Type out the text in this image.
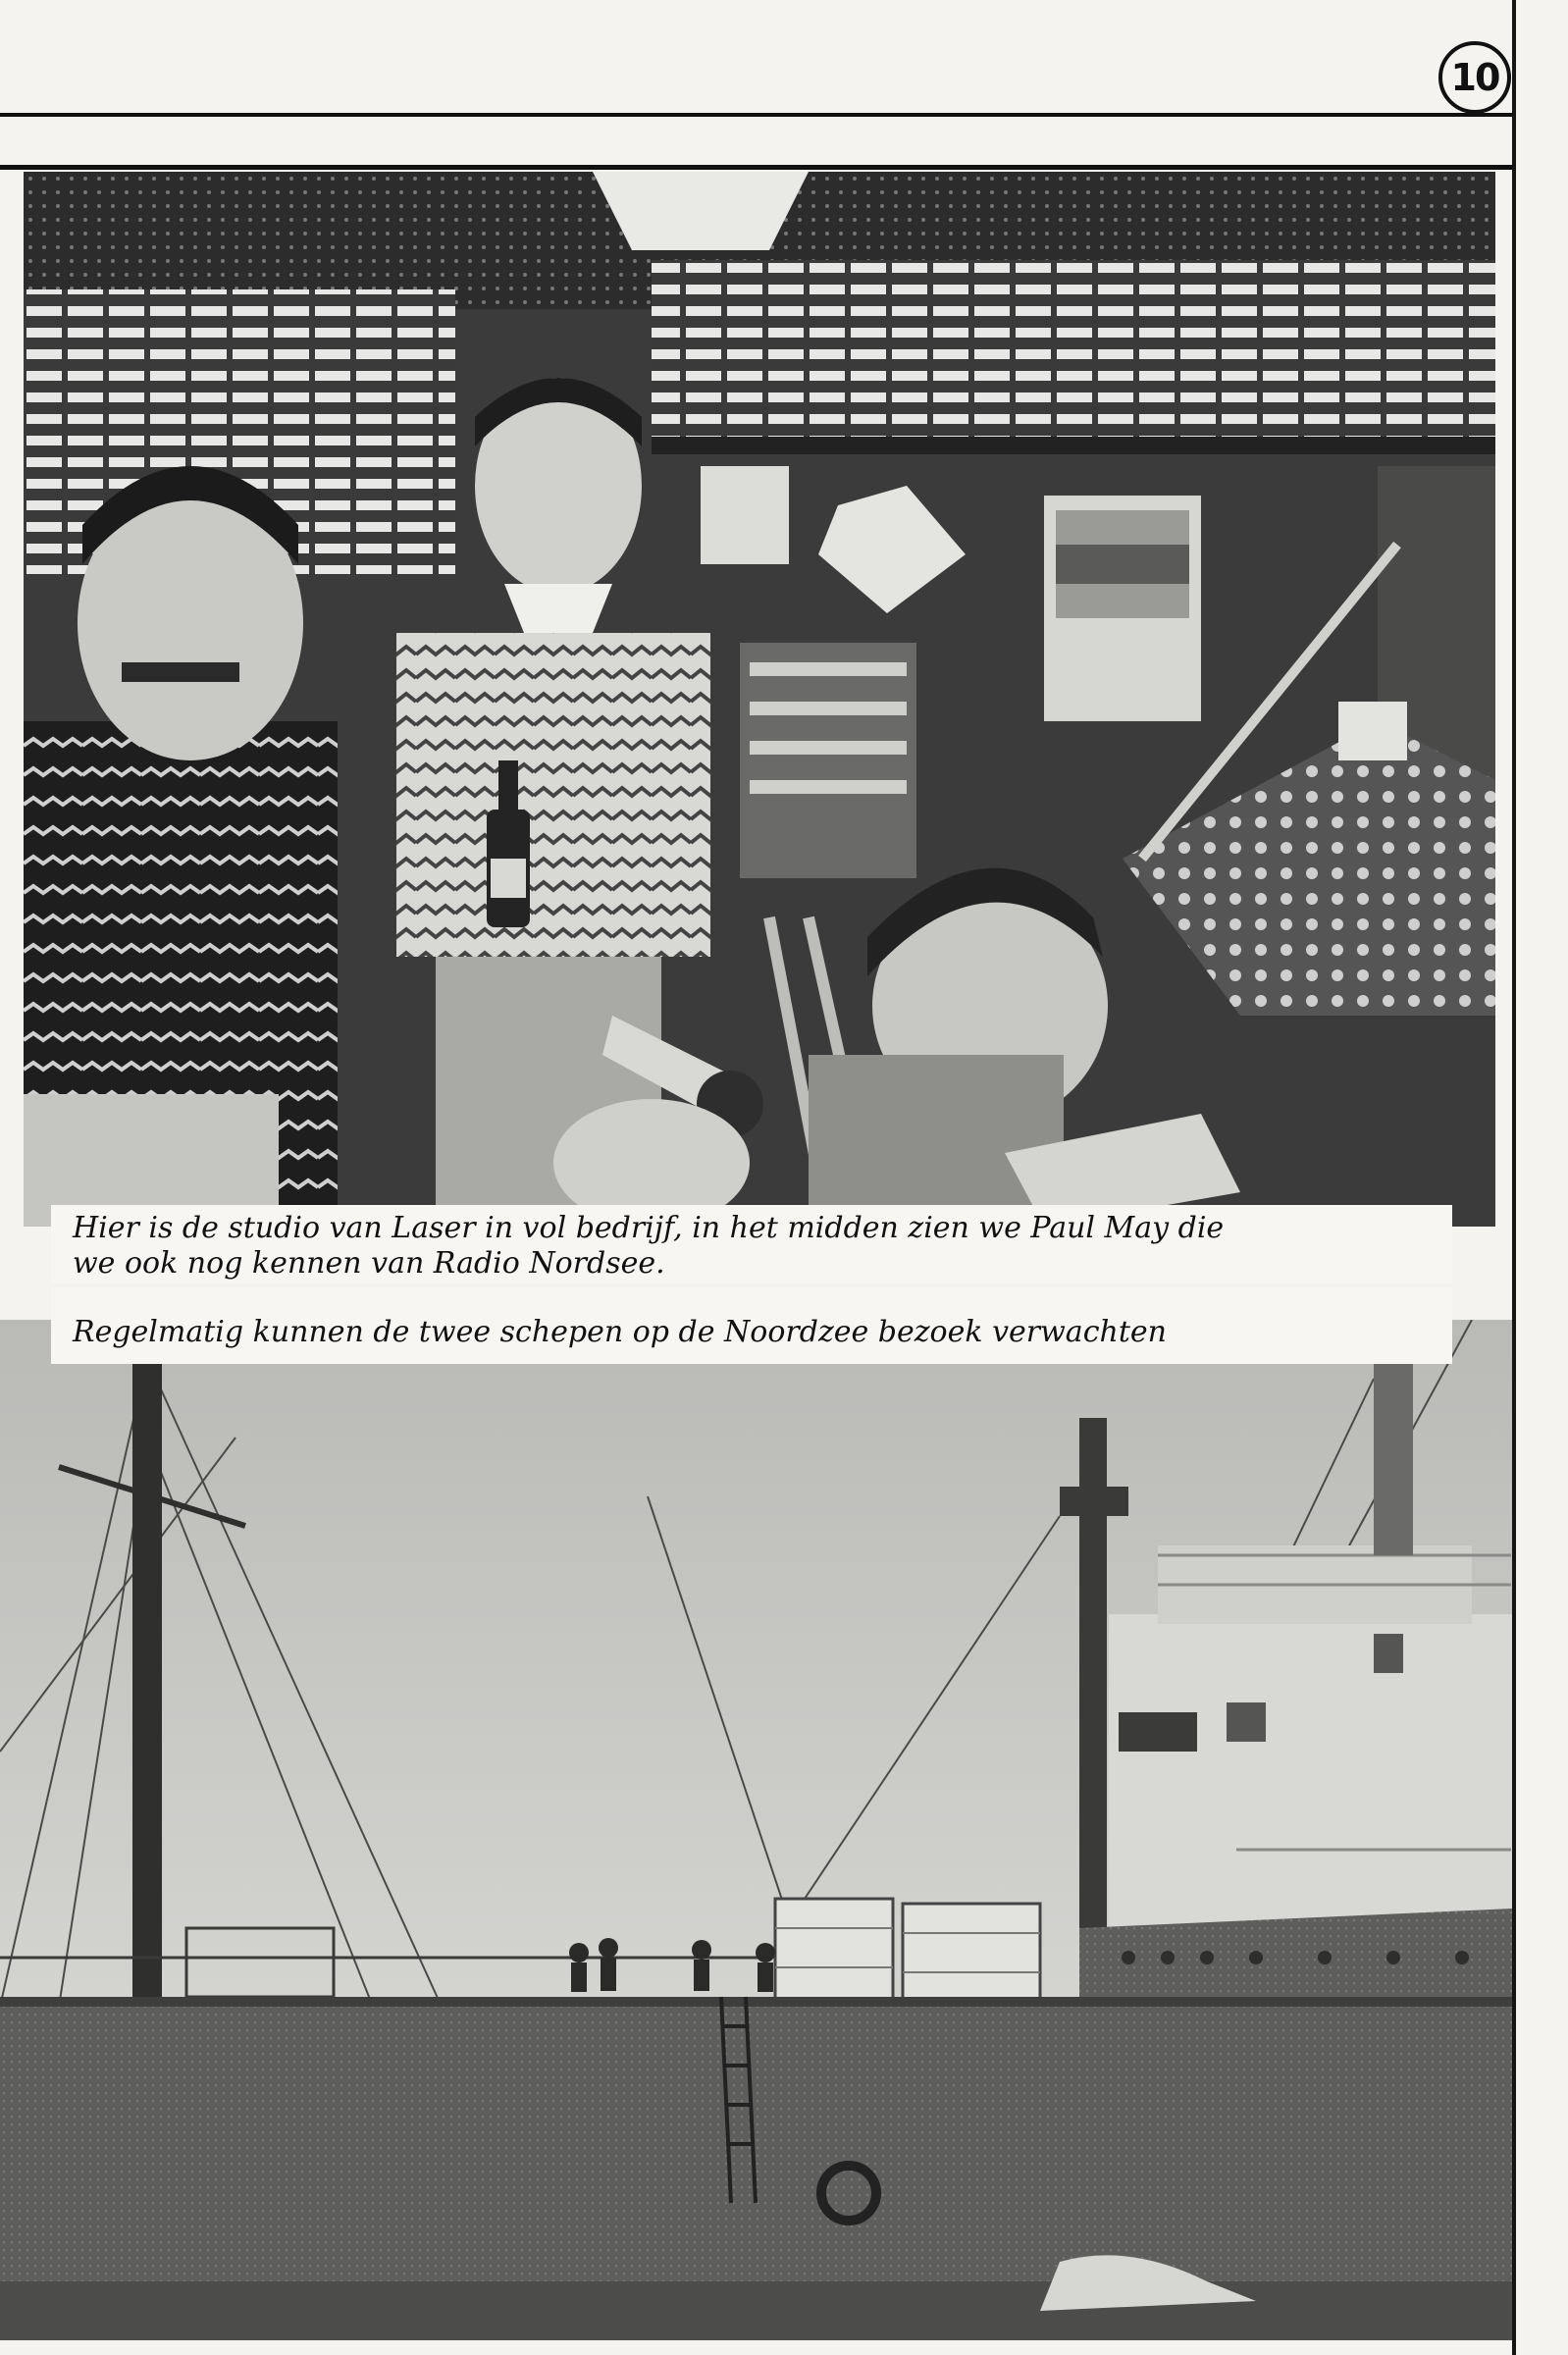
10
Hier is de studio van Laser in vol bedrijf, in het midden zien we Paul May die
we ook nog kennen van Radio Nordsee.
Regelmatig kunnen de twee schepen op de Noordzee bezoek verwachten
